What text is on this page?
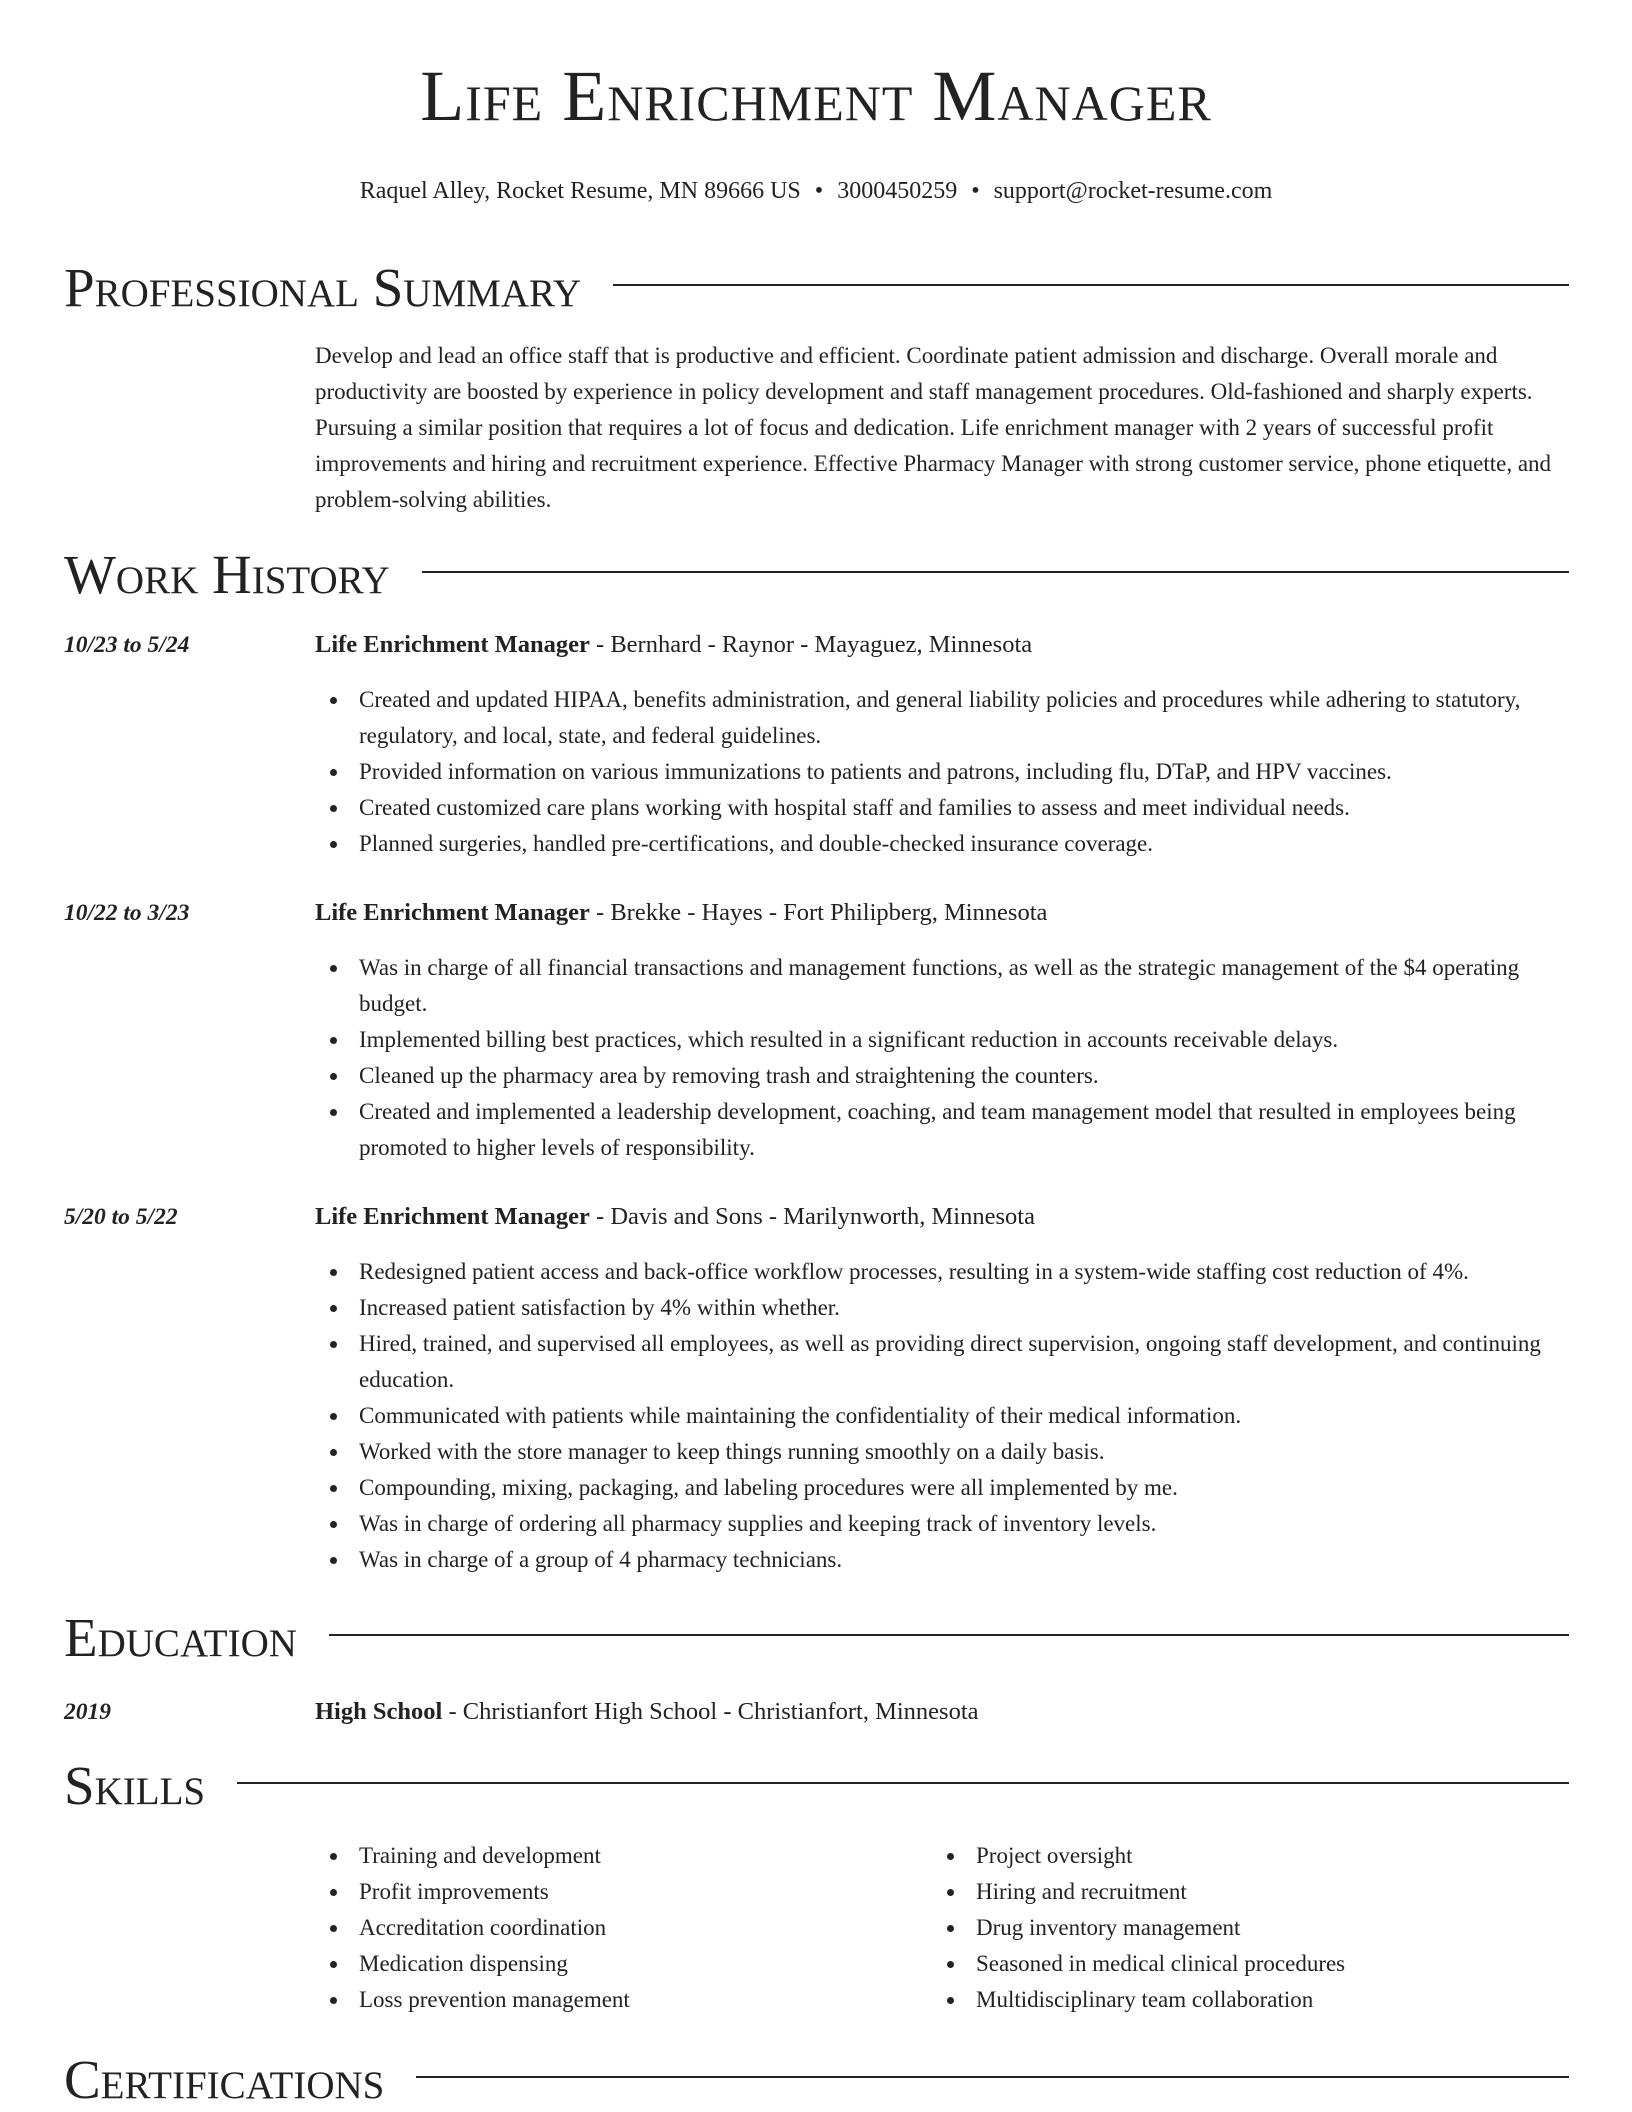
Life Enrichment Manager
Raquel Alley, Rocket Resume, MN 89666 US • 3000450259 • support@rocket-resume.com
Professional Summary

Develop and lead an office staff that is productive and efficient. Coordinate patient admission and discharge. Overall morale and productivity are boosted by experience in policy development and staff management procedures. Old-fashioned and sharply experts. Pursuing a similar position that requires a lot of focus and dedication. Life enrichment manager with 2 years of successful profit improvements and hiring and recruitment experience. Effective Pharmacy Manager with strong customer service, phone etiquette, and problem-solving abilities.

Work History
10/23 to 5/24	Life Enrichment Manager - Bernhard - Raynor - Mayaguez, Minnesota
Created and updated HIPAA, benefits administration, and general liability policies and procedures while adhering to statutory, regulatory, and local, state, and federal guidelines.
Provided information on various immunizations to patients and patrons, including flu, DTaP, and HPV vaccines.
Created customized care plans working with hospital staff and families to assess and meet individual needs.
Planned surgeries, handled pre-certifications, and double-checked insurance coverage.
10/22 to 3/23	Life Enrichment Manager - Brekke - Hayes - Fort Philipberg, Minnesota
Was in charge of all financial transactions and management functions, as well as the strategic management of the $4 operating budget.
Implemented billing best practices, which resulted in a significant reduction in accounts receivable delays.
Cleaned up the pharmacy area by removing trash and straightening the counters.
Created and implemented a leadership development, coaching, and team management model that resulted in employees being promoted to higher levels of responsibility.
5/20 to 5/22	Life Enrichment Manager - Davis and Sons - Marilynworth, Minnesota
Redesigned patient access and back-office workflow processes, resulting in a system-wide staffing cost reduction of 4%.
Increased patient satisfaction by 4% within whether.
Hired, trained, and supervised all employees, as well as providing direct supervision, ongoing staff development, and continuing education.
Communicated with patients while maintaining the confidentiality of their medical information.
Worked with the store manager to keep things running smoothly on a daily basis.
Compounding, mixing, packaging, and labeling procedures were all implemented by me.
Was in charge of ordering all pharmacy supplies and keeping track of inventory levels.
Was in charge of a group of 4 pharmacy technicians.
Education
2019	High School - Christianfort High School - Christianfort, Minnesota
Skills
Training and development
Profit improvements
Accreditation coordination
Medication dispensing
Loss prevention management
Project oversight
Hiring and recruitment
Drug inventory management
Seasoned in medical clinical procedures
Multidisciplinary team collaboration
Certifications
